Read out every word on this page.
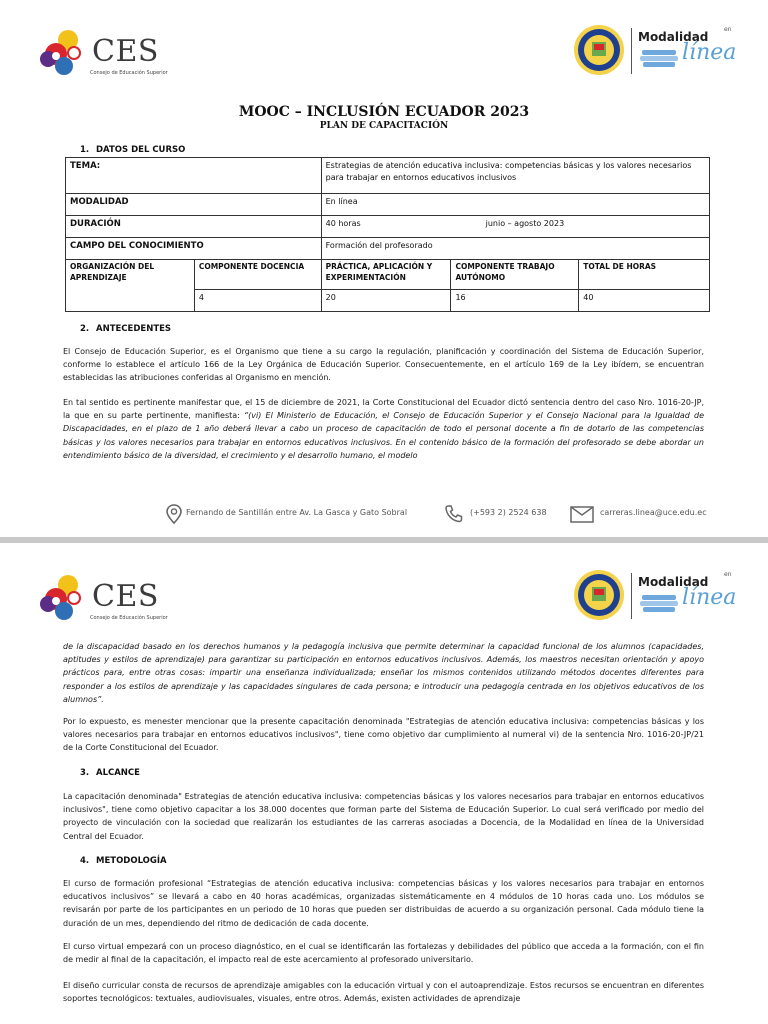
CES
Consejo de Educación Superior
Modalidad
en
línea
MOOC – INCLUSIÓN ECUADOR 2023
PLAN DE CAPACITACIÓN
1. DATOS DEL CURSO
TEMA:		Estrategias de atención educativa inclusiva: competencias básicas y los valores necesarios para trabajar en entornos educativos inclusivos		
MODALIDAD		En línea		
DURACIÓN		40 horas junio – agosto 2023		
CAMPO DEL CONOCIMIENTO		Formación del profesorado		
ORGANIZACIÓN DEL APRENDIZAJE	COMPONENTE DOCENCIA	PRÁCTICA, APLICACIÓN Y EXPERIMENTACIÓN	COMPONENTE TRABAJO AUTÓNOMO	TOTAL DE HORAS
	4	20	16	40
2. ANTECEDENTES
El Consejo de Educación Superior, es el Organismo que tiene a su cargo la regulación, planificación y coordinación del Sistema de Educación Superior, conforme lo establece el artículo 166 de la Ley Orgánica de Educación Superior. Consecuentemente, en el artículo 169 de la Ley ibídem, se encuentran establecidas las atribuciones conferidas al Organismo en mención.
En tal sentido es pertinente manifestar que, el 15 de diciembre de 2021, la Corte Constitucional del Ecuador dictó sentencia dentro del caso Nro. 1016-20-JP, la que en su parte pertinente, manifiesta: “(vi) El Ministerio de Educación, el Consejo de Educación Superior y el Consejo Nacional para la Igualdad de Discapacidades, en el plazo de 1 año deberá llevar a cabo un proceso de capacitación de todo el personal docente a fin de dotarlo de las competencias básicas y los valores necesarios para trabajar en entornos educativos inclusivos. En el contenido básico de la formación del profesorado se debe abordar un entendimiento básico de la diversidad, el crecimiento y el desarrollo humano, el modelo
Fernando de Santillán entre Av. La Gasca y Gato Sobral	(+593 2) 2524 638	carreras.linea@uce.edu.ec
CES
Consejo de Educación Superior
Modalidad
en
línea
de la discapacidad basado en los derechos humanos y la pedagogía inclusiva que permite determinar la capacidad funcional de los alumnos (capacidades, aptitudes y estilos de aprendizaje) para garantizar su participación en entornos educativos inclusivos. Además, los maestros necesitan orientación y apoyo prácticos para, entre otras cosas: impartir una enseñanza individualizada; enseñar los mismos contenidos utilizando métodos docentes diferentes para responder a los estilos de aprendizaje y las capacidades singulares de cada persona; e introducir una pedagogía centrada en los objetivos educativos de los alumnos”.
Por lo expuesto, es menester mencionar que la presente capacitación denominada "Estrategias de atención educativa inclusiva: competencias básicas y los valores necesarios para trabajar en entornos educativos inclusivos", tiene como objetivo dar cumplimiento al numeral vi) de la sentencia Nro. 1016-20-JP/21 de la Corte Constitucional del Ecuador.
3. ALCANCE
La capacitación denominada" Estrategias de atención educativa inclusiva: competencias básicas y los valores necesarios para trabajar en entornos educativos inclusivos", tiene como objetivo capacitar a los 38.000 docentes que forman parte del Sistema de Educación Superior. Lo cual será verificado por medio del proyecto de vinculación con la sociedad que realizarán los estudiantes de las carreras asociadas a Docencia, de la Modalidad en línea de la Universidad Central del Ecuador.
4. METODOLOGÍA
El curso de formación profesional “Estrategias de atención educativa inclusiva: competencias básicas y los valores necesarios para trabajar en entornos educativos inclusivos” se llevará a cabo en 40 horas académicas, organizadas sistemáticamente en 4 módulos de 10 horas cada uno. Los módulos se revisarán por parte de los participantes en un periodo de 10 horas que pueden ser distribuidas de acuerdo a su organización personal. Cada módulo tiene la duración de un mes, dependiendo del ritmo de dedicación de cada docente.
El curso virtual empezará con un proceso diagnóstico, en el cual se identificarán las fortalezas y debilidades del público que acceda a la formación, con el fin de medir al final de la capacitación, el impacto real de este acercamiento al profesorado universitario.
El diseño curricular consta de recursos de aprendizaje amigables con la educación virtual y con el autoaprendizaje. Estos recursos se encuentran en diferentes soportes tecnológicos: textuales, audiovisuales, visuales, entre otros. Además, existen actividades de aprendizaje
